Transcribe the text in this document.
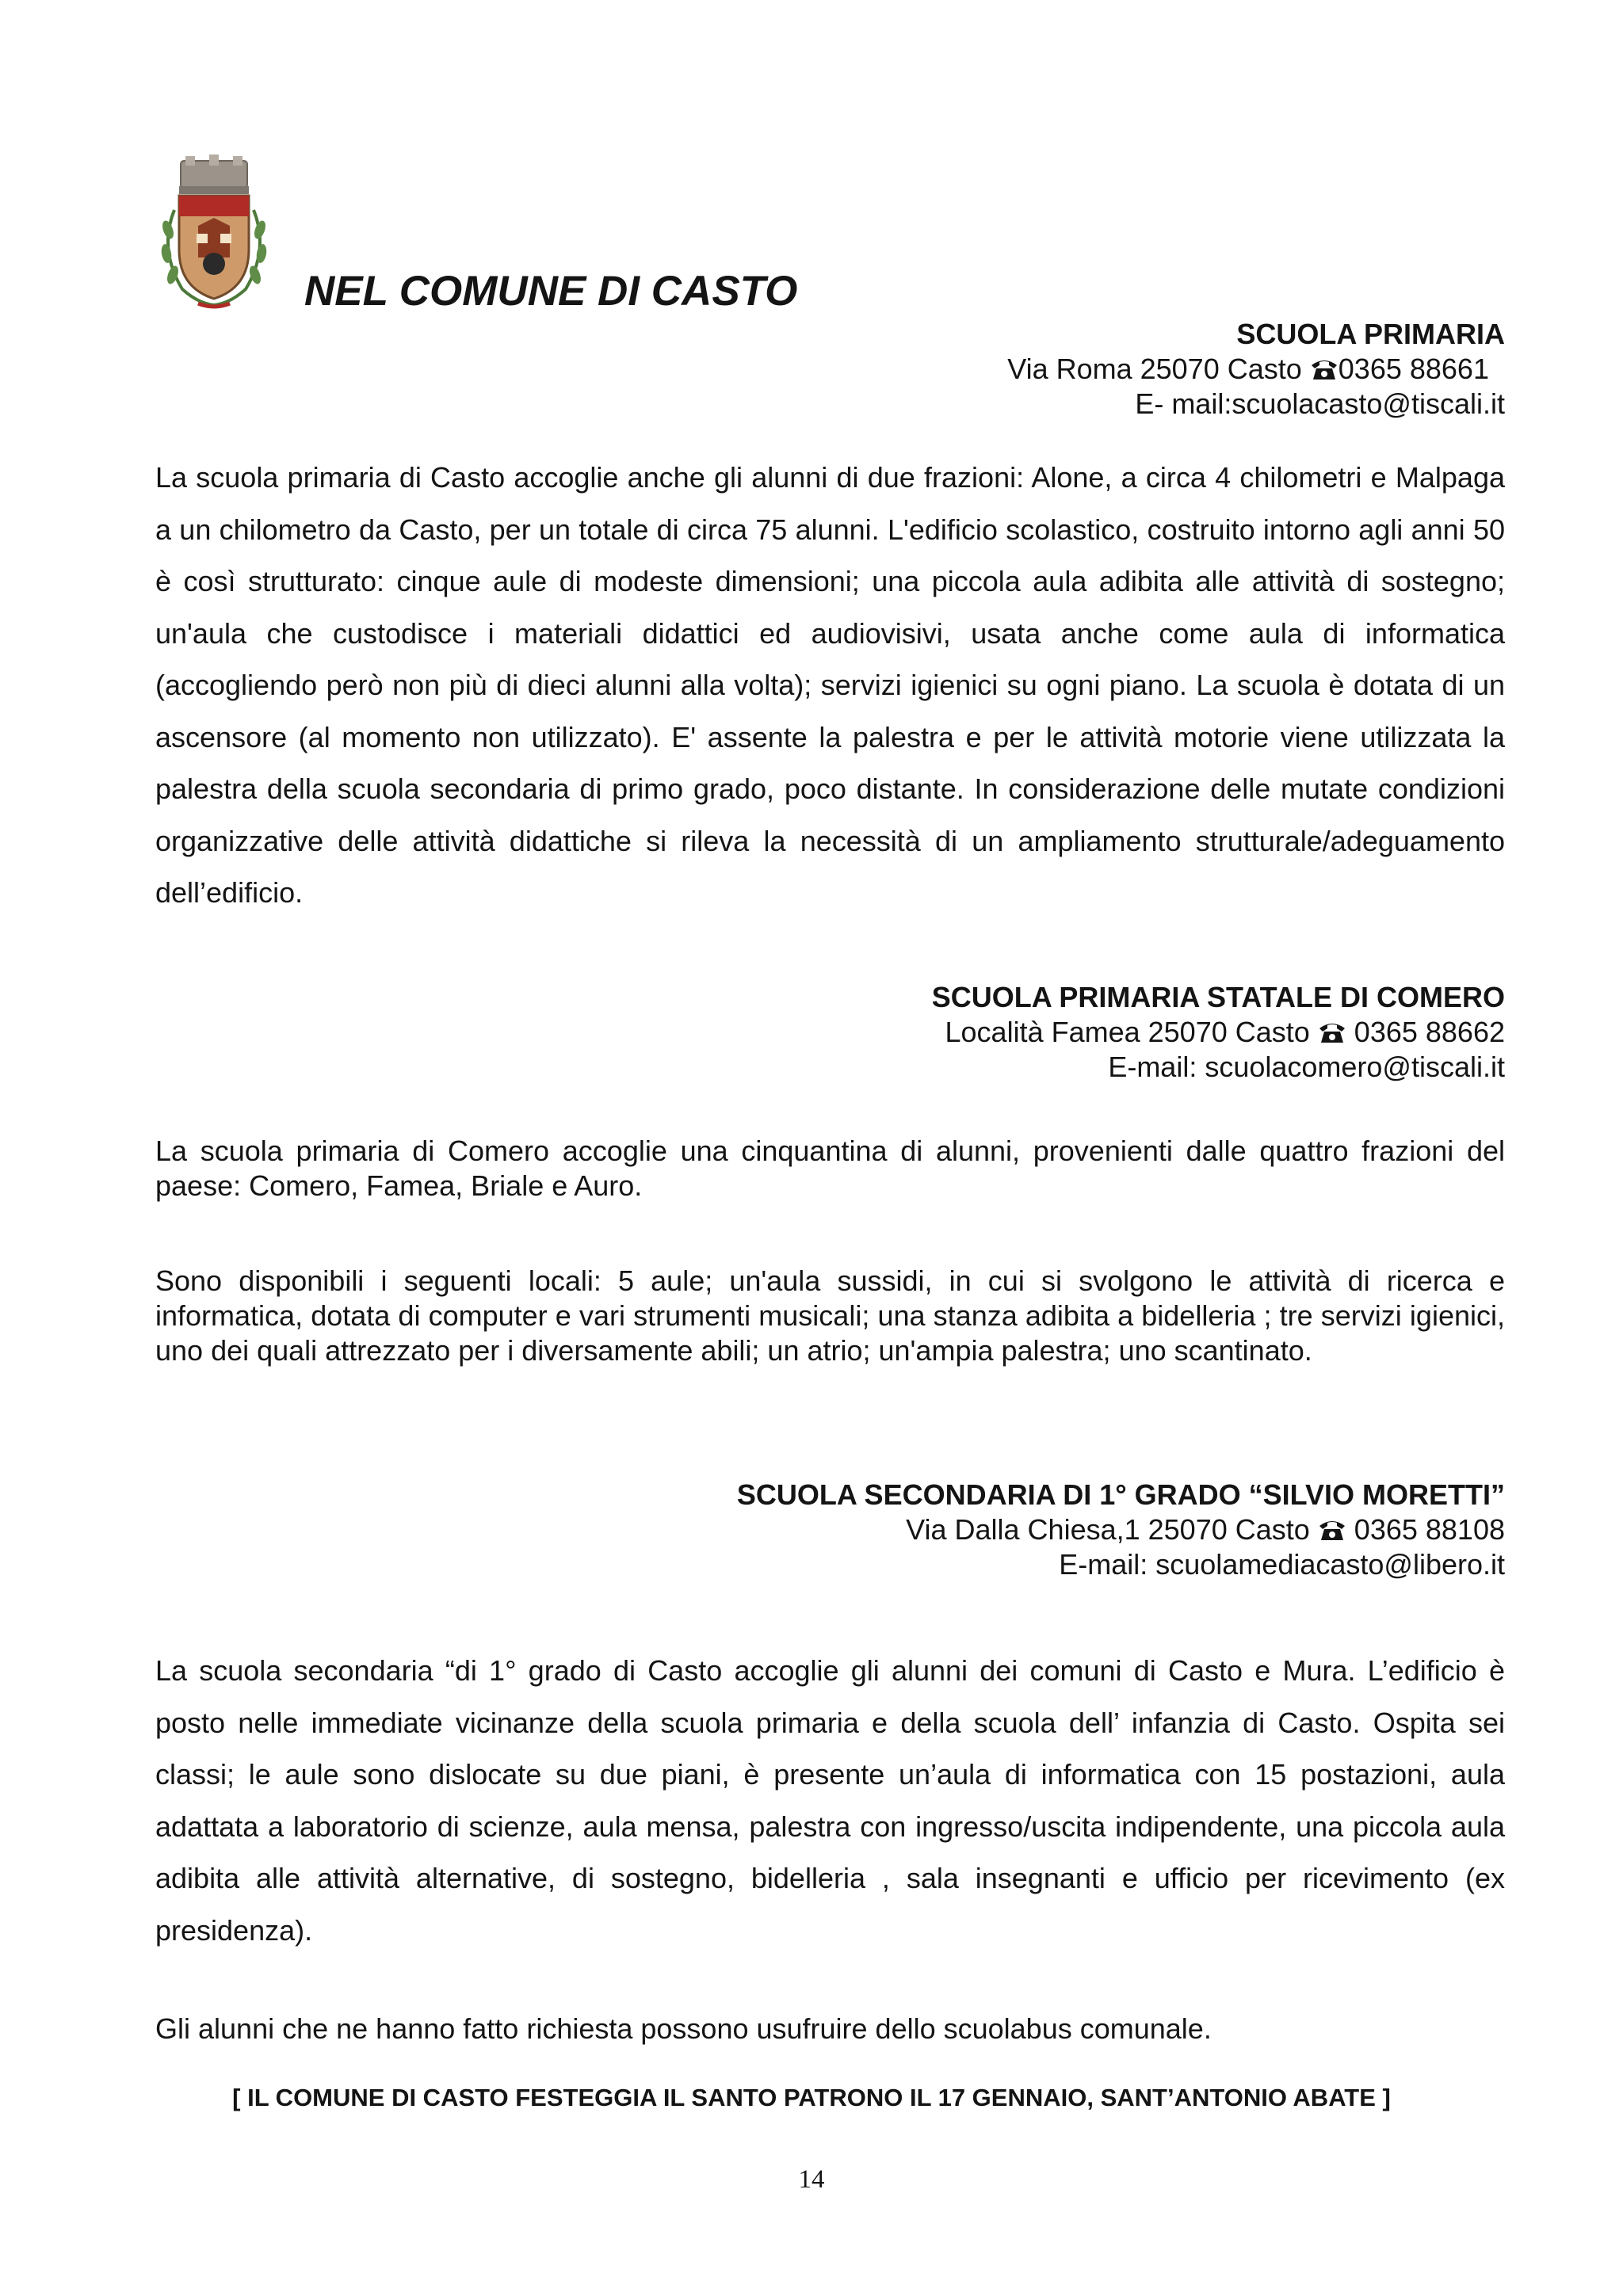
NEL COMUNE DI CASTO
SCUOLA PRIMARIA
Via Roma 25070 Casto 0365 88661
E- mail:scuolacasto@tiscali.it

La scuola primaria di Casto accoglie anche gli alunni di due frazioni: Alone, a circa 4 chilometri e Malpaga a un chilometro da Casto, per un totale di circa 75 alunni. L'edificio scolastico, costruito intorno agli anni 50 è così strutturato: cinque aule di modeste dimensioni; una piccola aula adibita alle attività di sostegno; un'aula che custodisce i materiali didattici ed audiovisivi, usata anche come aula di informatica (accogliendo però non più di dieci alunni alla volta); servizi igienici su ogni piano. La scuola è dotata di un ascensore (al momento non utilizzato). E' assente la palestra e per le attività motorie viene utilizzata la palestra della scuola secondaria di primo grado, poco distante. In considerazione delle mutate condizioni organizzative delle attività didattiche si rileva la necessità di un ampliamento strutturale/adeguamento dell’edificio.

SCUOLA PRIMARIA STATALE DI COMERO
Località Famea 25070 Casto  0365 88662
E-mail: scuolacomero@tiscali.it

La scuola primaria di Comero accoglie una cinquantina di alunni, provenienti dalle quattro frazioni del paese: Comero, Famea, Briale e Auro.

Sono disponibili i seguenti locali: 5 aule; un'aula sussidi, in cui si svolgono le attività di ricerca e informatica, dotata di computer e vari strumenti musicali; una stanza adibita a bidelleria ; tre servizi igienici, uno dei quali attrezzato per i diversamente abili; un atrio; un'ampia palestra; uno scantinato.

SCUOLA SECONDARIA DI 1° GRADO “SILVIO MORETTI”
Via Dalla Chiesa,1 25070 Casto  0365 88108
E-mail: scuolamediacasto@libero.it

La scuola secondaria “di 1° grado di Casto accoglie gli alunni dei comuni di Casto e Mura. L’edificio è posto nelle immediate vicinanze della scuola primaria e della scuola dell’ infanzia di Casto. Ospita sei classi; le aule sono dislocate su due piani, è presente un’aula di informatica con 15 postazioni, aula adattata a laboratorio di scienze, aula mensa, palestra con ingresso/uscita indipendente, una piccola aula adibita alle attività alternative, di sostegno, bidelleria , sala insegnanti e ufficio per ricevimento (ex presidenza).

Gli alunni che ne hanno fatto richiesta possono usufruire dello scuolabus comunale.

[ IL COMUNE DI CASTO FESTEGGIA IL SANTO PATRONO IL 17 GENNAIO, SANT’ANTONIO ABATE ]
14
